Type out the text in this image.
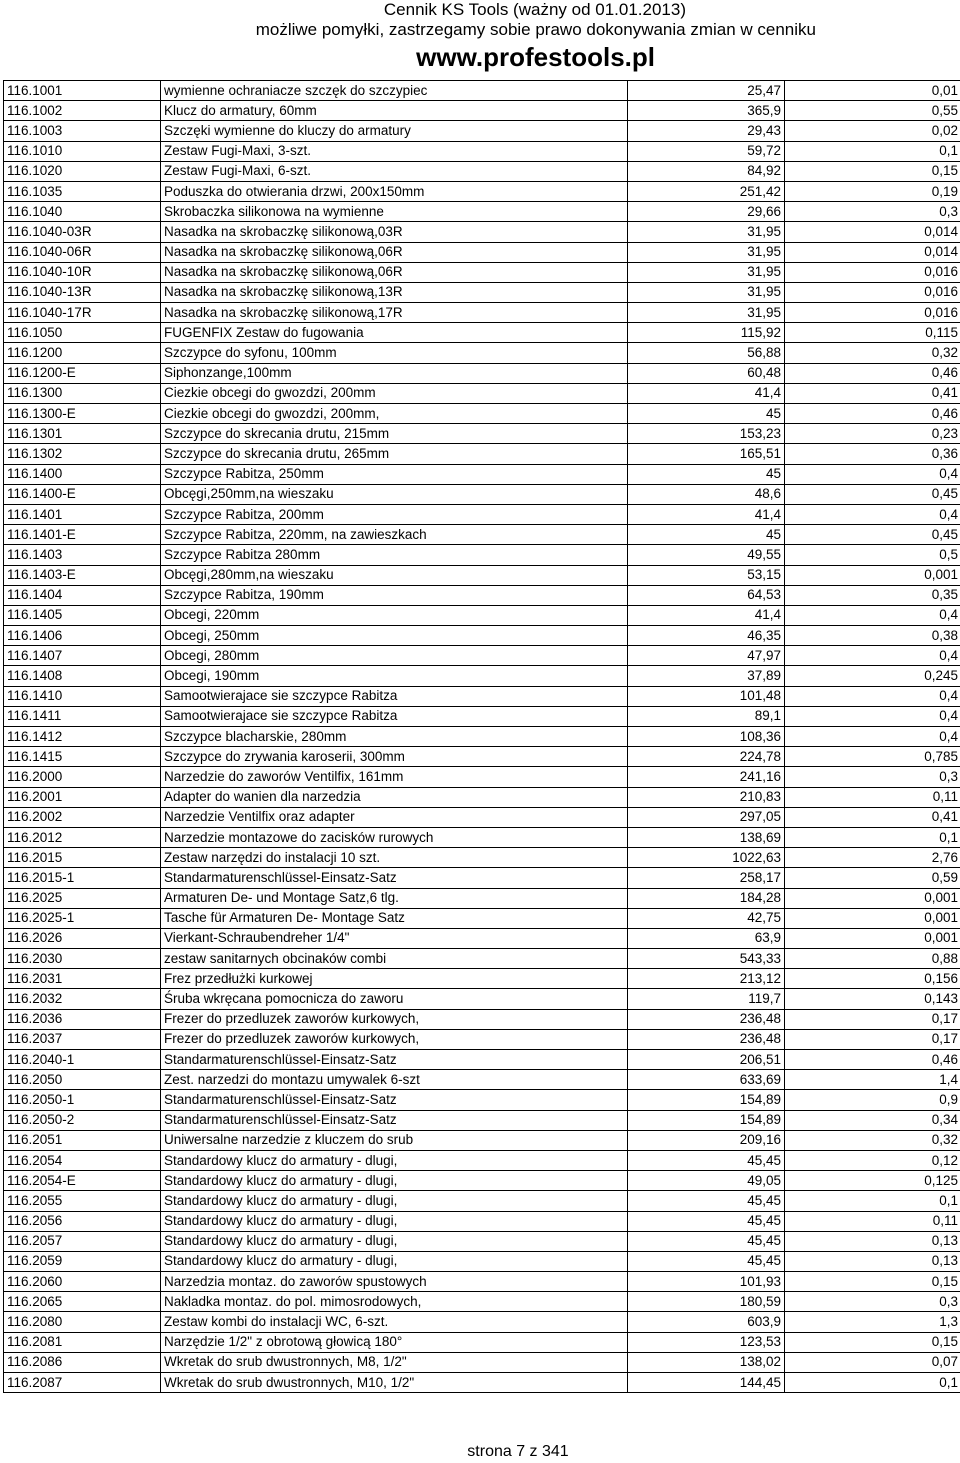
Cennik KS Tools (ważny od 01.01.2013)
możliwe pomyłki, zastrzegamy sobie prawo dokonywania zmian w cenniku
www.profestools.pl
116.1001	wymienne ochraniacze szczęk do szczypiec	25,47	0,01
116.1002	Klucz do armatury, 60mm	365,9	0,55
116.1003	Szczęki wymienne do kluczy do armatury	29,43	0,02
116.1010	Zestaw Fugi-Maxi, 3-szt.	59,72	0,1
116.1020	Zestaw Fugi-Maxi, 6-szt.	84,92	0,15
116.1035	Poduszka do otwierania drzwi, 200x150mm	251,42	0,19
116.1040	Skrobaczka silikonowa na wymienne	29,66	0,3
116.1040-03R	Nasadka na skrobaczkę silikonową,03R	31,95	0,014
116.1040-06R	Nasadka na skrobaczkę silikonową,06R	31,95	0,014
116.1040-10R	Nasadka na skrobaczkę silikonową,06R	31,95	0,016
116.1040-13R	Nasadka na skrobaczkę silikonową,13R	31,95	0,016
116.1040-17R	Nasadka na skrobaczkę silikonową,17R	31,95	0,016
116.1050	FUGENFIX Zestaw do fugowania	115,92	0,115
116.1200	Szczypce do syfonu, 100mm	56,88	0,32
116.1200-E	Siphonzange,100mm	60,48	0,46
116.1300	Ciezkie obcegi do gwozdzi, 200mm	41,4	0,41
116.1300-E	Ciezkie obcegi do gwozdzi, 200mm,	45	0,46
116.1301	Szczypce do skrecania drutu, 215mm	153,23	0,23
116.1302	Szczypce do skrecania drutu, 265mm	165,51	0,36
116.1400	Szczypce Rabitza, 250mm	45	0,4
116.1400-E	Obcęgi,250mm,na wieszaku	48,6	0,45
116.1401	Szczypce Rabitza, 200mm	41,4	0,4
116.1401-E	Szczypce Rabitza, 220mm, na zawieszkach	45	0,45
116.1403	Szczypce Rabitza 280mm	49,55	0,5
116.1403-E	Obcęgi,280mm,na wieszaku	53,15	0,001
116.1404	Szczypce Rabitza, 190mm	64,53	0,35
116.1405	Obcegi, 220mm	41,4	0,4
116.1406	Obcegi, 250mm	46,35	0,38
116.1407	Obcegi, 280mm	47,97	0,4
116.1408	Obcegi, 190mm	37,89	0,245
116.1410	Samootwierajace sie szczypce Rabitza	101,48	0,4
116.1411	Samootwierajace sie szczypce Rabitza	89,1	0,4
116.1412	Szczypce blacharskie, 280mm	108,36	0,4
116.1415	Szczypce do zrywania karoserii, 300mm	224,78	0,785
116.2000	Narzedzie do zaworów Ventilfix, 161mm	241,16	0,3
116.2001	Adapter do wanien dla narzedzia	210,83	0,11
116.2002	Narzedzie Ventilfix oraz adapter	297,05	0,41
116.2012	Narzedzie montazowe do zacisków rurowych	138,69	0,1
116.2015	Zestaw narzędzi do instalacji 10 szt.	1022,63	2,76
116.2015-1	Standarmaturenschlüssel-Einsatz-Satz	258,17	0,59
116.2025	Armaturen De- und Montage Satz,6 tlg.	184,28	0,001
116.2025-1	Tasche für Armaturen De- Montage Satz	42,75	0,001
116.2026	Vierkant-Schraubendreher 1/4"	63,9	0,001
116.2030	zestaw sanitarnych obcinaków combi	543,33	0,88
116.2031	Frez przedłużki kurkowej	213,12	0,156
116.2032	Śruba wkręcana pomocnicza do zaworu	119,7	0,143
116.2036	Frezer do przedluzek zaworów kurkowych,	236,48	0,17
116.2037	Frezer do przedluzek zaworów kurkowych,	236,48	0,17
116.2040-1	Standarmaturenschlüssel-Einsatz-Satz	206,51	0,46
116.2050	Zest. narzedzi do montazu umywalek 6-szt	633,69	1,4
116.2050-1	Standarmaturenschlüssel-Einsatz-Satz	154,89	0,9
116.2050-2	Standarmaturenschlüssel-Einsatz-Satz	154,89	0,34
116.2051	Uniwersalne narzedzie z kluczem do srub	209,16	0,32
116.2054	Standardowy klucz do armatury - dlugi,	45,45	0,12
116.2054-E	Standardowy klucz do armatury - dlugi,	49,05	0,125
116.2055	Standardowy klucz do armatury - dlugi,	45,45	0,1
116.2056	Standardowy klucz do armatury - dlugi,	45,45	0,11
116.2057	Standardowy klucz do armatury - dlugi,	45,45	0,13
116.2059	Standardowy klucz do armatury - dlugi,	45,45	0,13
116.2060	Narzedzia montaz. do zaworów spustowych	101,93	0,15
116.2065	Nakladka montaz. do pol. mimosrodowych,	180,59	0,3
116.2080	Zestaw kombi do instalacji WC, 6-szt.	603,9	1,3
116.2081	Narzędzie 1/2" z obrotową głowicą 180°	123,53	0,15
116.2086	Wkretak do srub dwustronnych, M8, 1/2"	138,02	0,07
116.2087	Wkretak do srub dwustronnych, M10, 1/2"	144,45	0,1
strona 7 z 341
